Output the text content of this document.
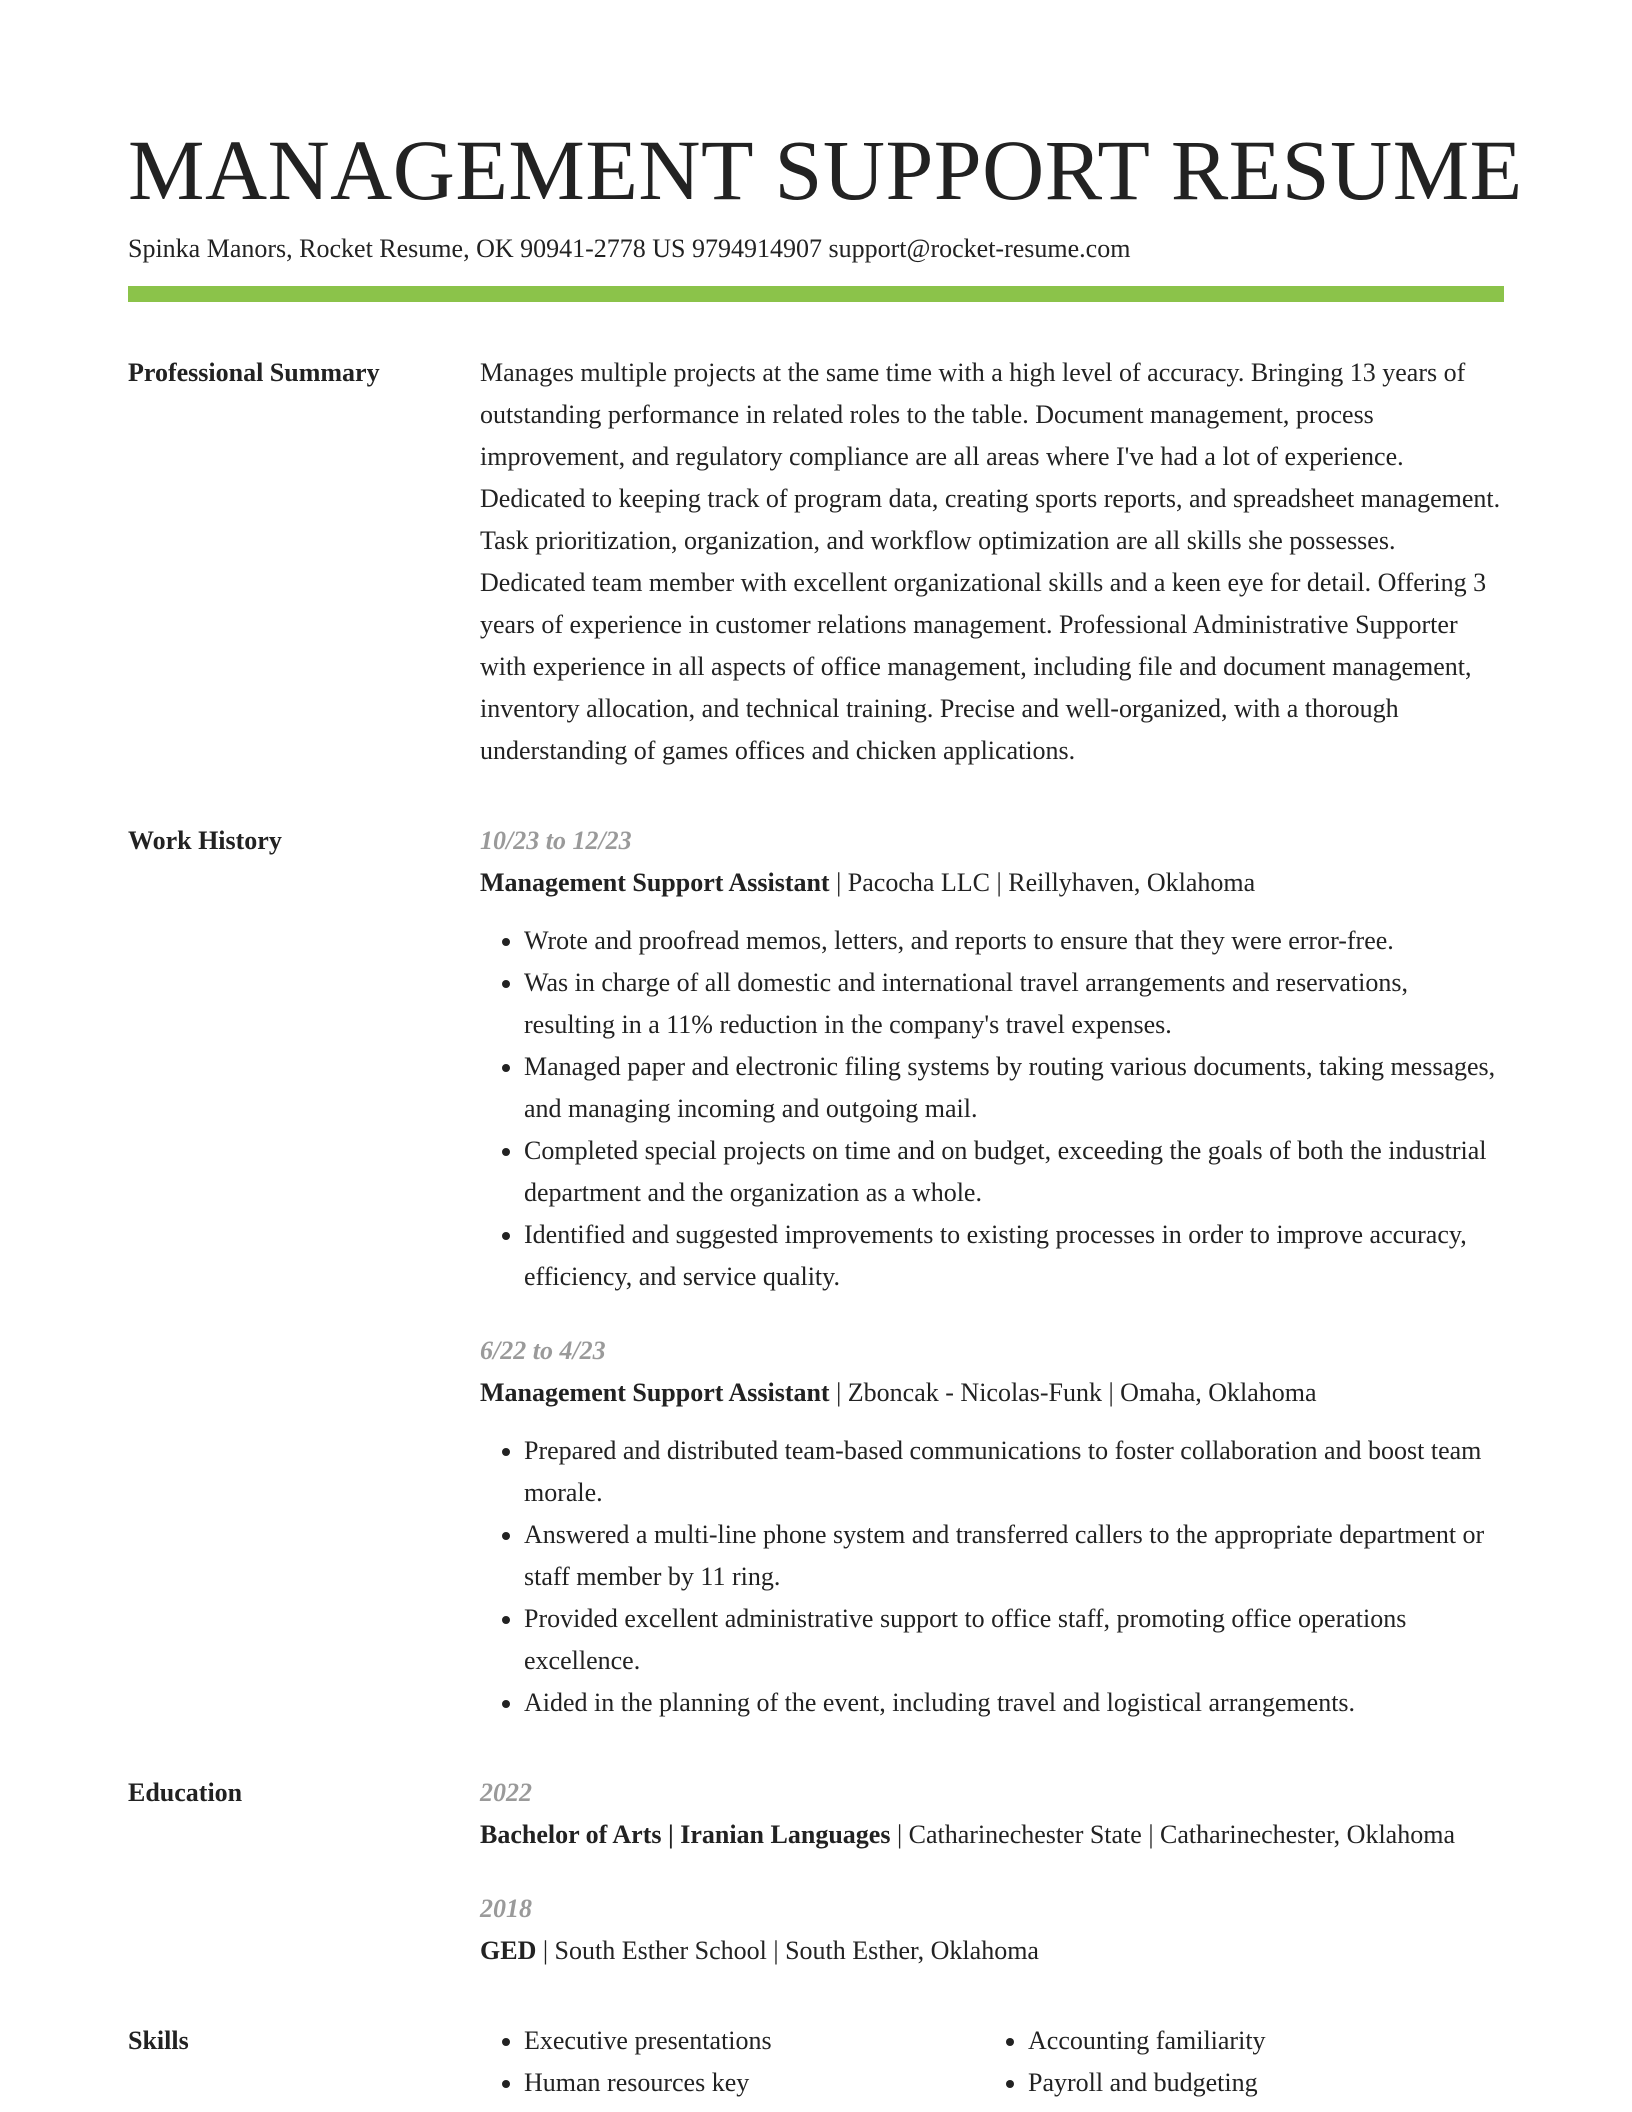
MANAGEMENT SUPPORT RESUME
Spinka Manors, Rocket Resume, OK 90941-2778 US 9794914907 support@rocket-resume.com
Professional Summary	Manages multiple projects at the same time with a high level of accuracy. Bringing 13 years of outstanding performance in related roles to the table. Document management, process improvement, and regulatory compliance are all areas where I've had a lot of experience. Dedicated to keeping track of program data, creating sports reports, and spreadsheet management. Task prioritization, organization, and workflow optimization are all skills she possesses. Dedicated team member with excellent organizational skills and a keen eye for detail. Offering 3 years of experience in customer relations management. Professional Administrative Supporter with experience in all aspects of office management, including file and document management, inventory allocation, and technical training. Precise and well-organized, with a thorough understanding of games offices and chicken applications.

Work History	10/23 to 12/23
Management Support Assistant | Pacocha LLC | Reillyhaven, Oklahoma
• Wrote and proofread memos, letters, and reports to ensure that they were error-free.
• Was in charge of all domestic and international travel arrangements and reservations, resulting in a 11% reduction in the company's travel expenses.
• Managed paper and electronic filing systems by routing various documents, taking messages, and managing incoming and outgoing mail.
• Completed special projects on time and on budget, exceeding the goals of both the industrial department and the organization as a whole.
• Identified and suggested improvements to existing processes in order to improve accuracy, efficiency, and service quality.
6/22 to 4/23
Management Support Assistant | Zboncak - Nicolas-Funk | Omaha, Oklahoma
• Prepared and distributed team-based communications to foster collaboration and boost team morale.
• Answered a multi-line phone system and transferred callers to the appropriate department or staff member by 11 ring.
• Provided excellent administrative support to office staff, promoting office operations excellence.
• Aided in the planning of the event, including travel and logistical arrangements.
Education	2022
Bachelor of Arts | Iranian Languages | Catharinechester State | Catharinechester, Oklahoma
2018
GED | South Esther School | South Esther, Oklahoma
Skills
•	Executive presentations
• Human resources key
• Accounting familiarity
• Payroll and budgeting
